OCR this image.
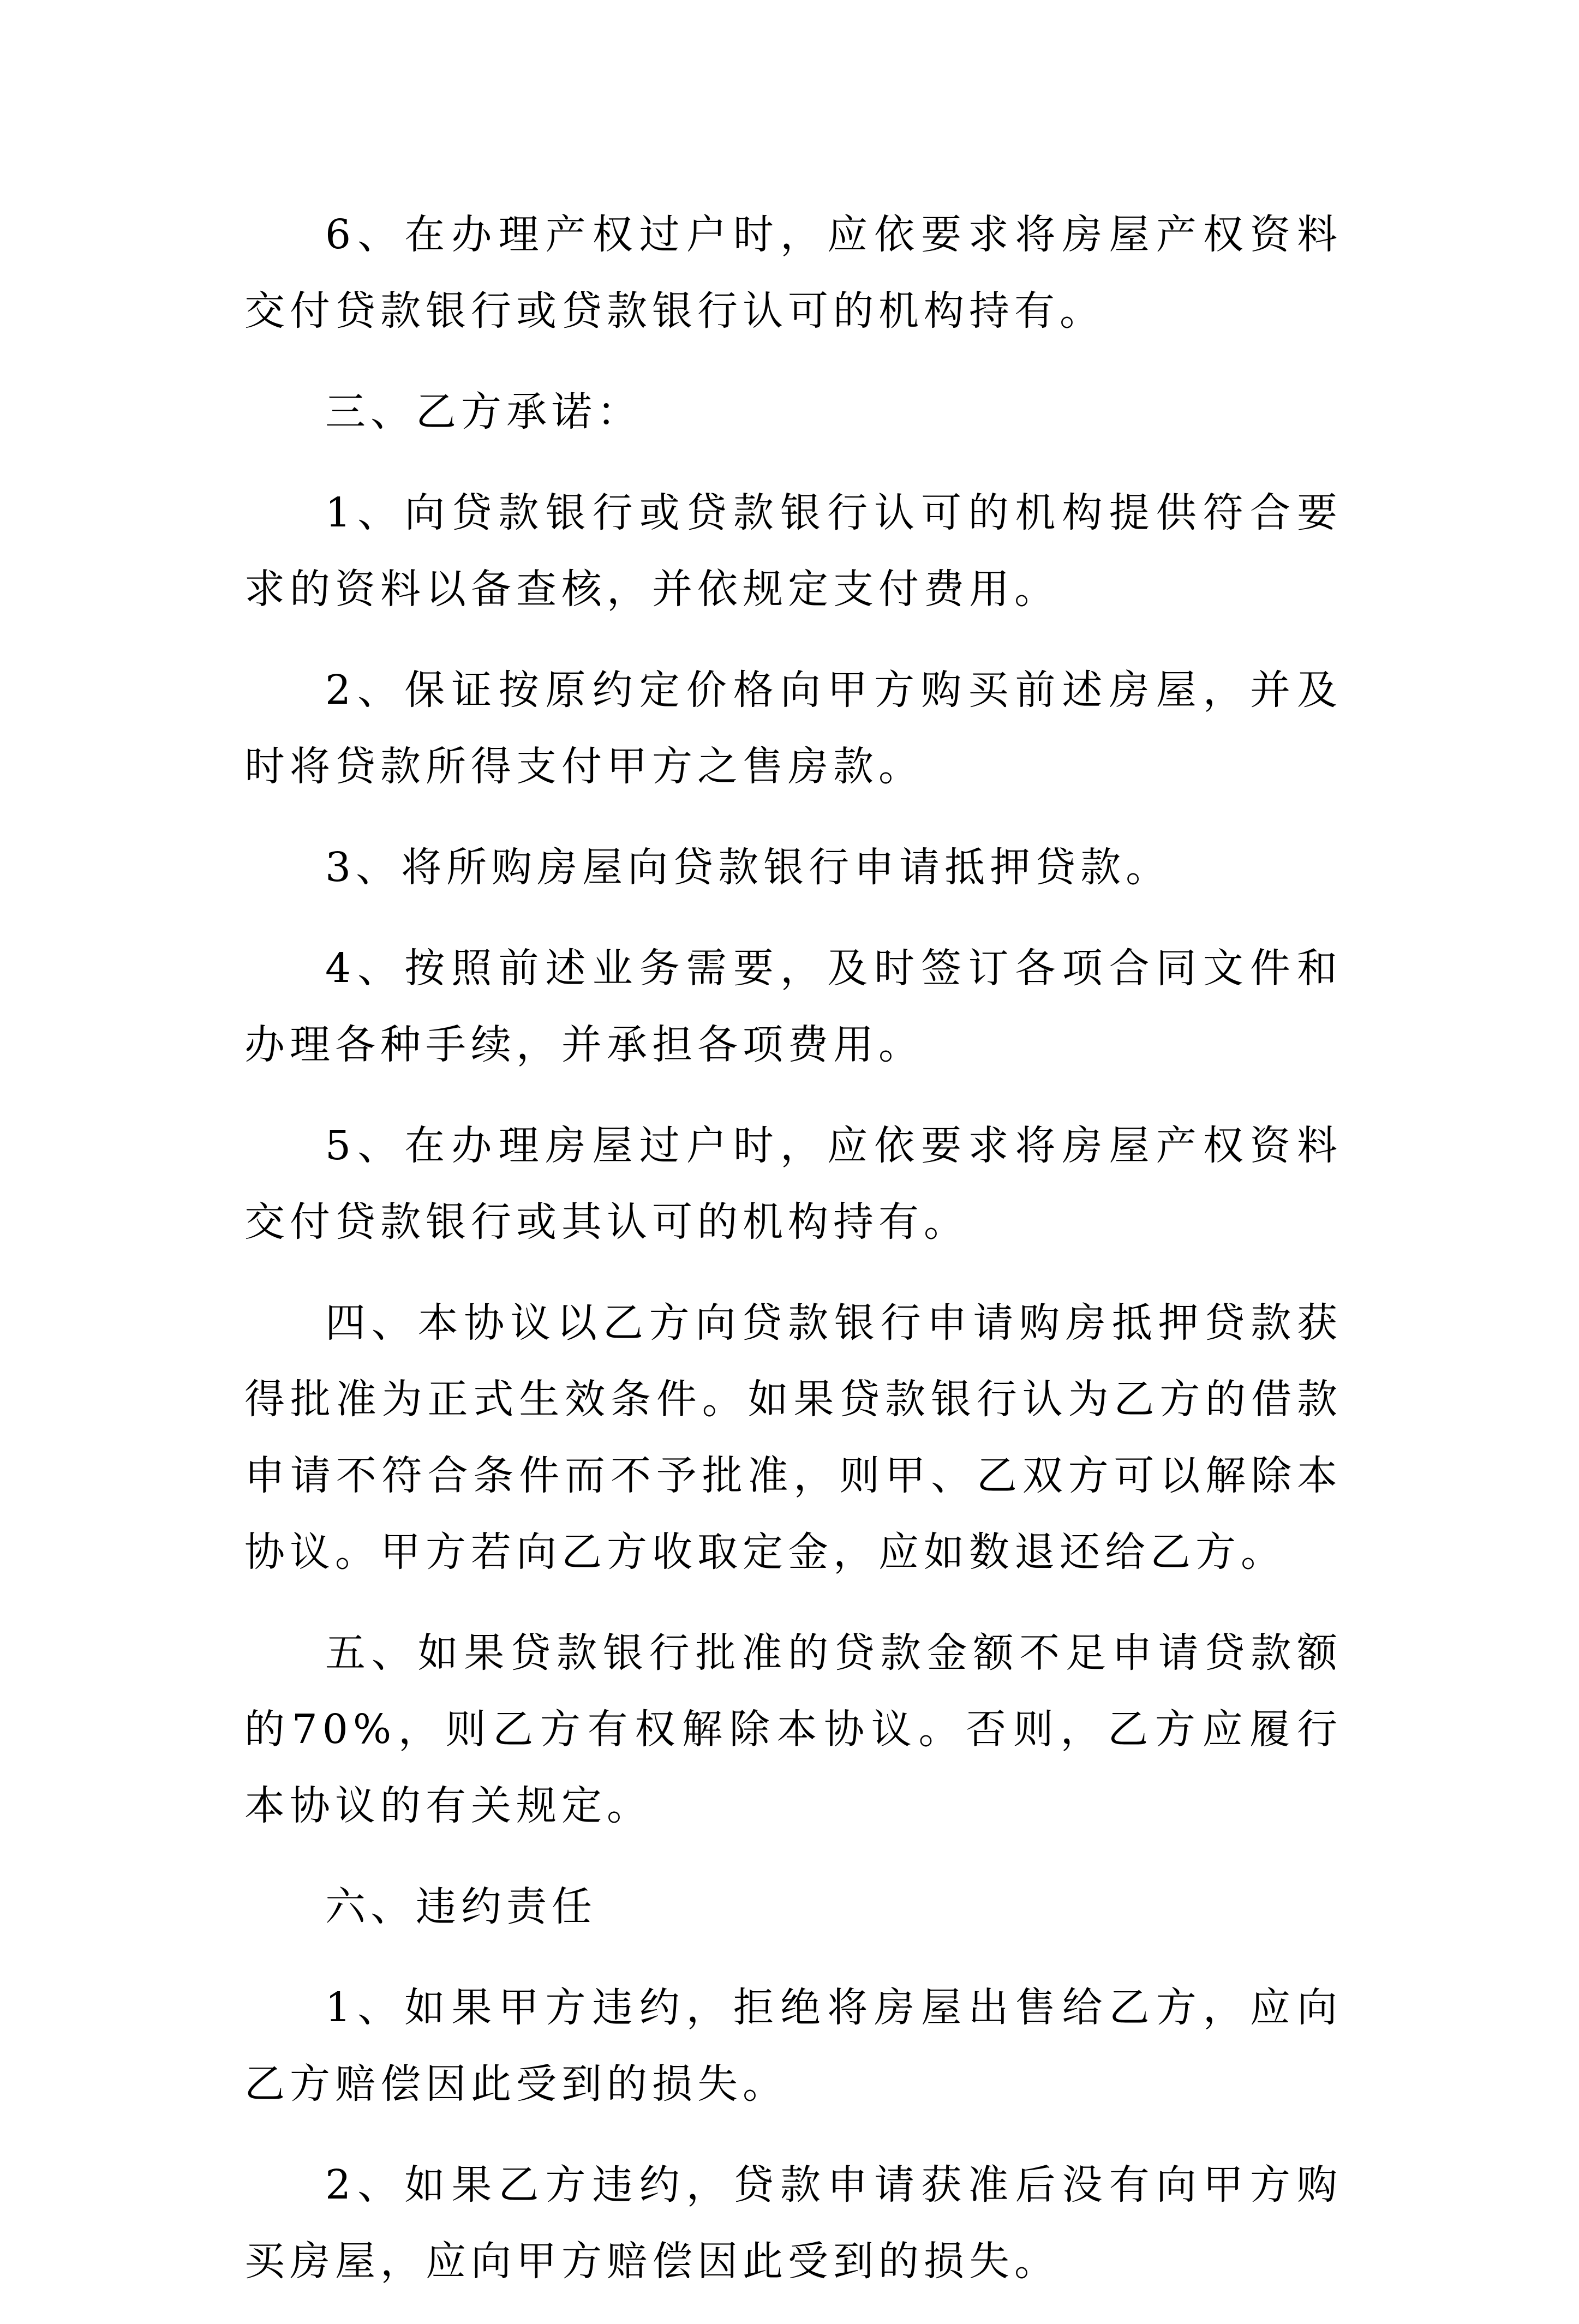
6、在办理产权过户时，应依要求将房屋产权资料交付贷款银行或贷款银行认可的机构持有。

三、乙方承诺：

1、向贷款银行或贷款银行认可的机构提供符合要求的资料以备查核，并依规定支付费用。

2、保证按原约定价格向甲方购买前述房屋，并及时将贷款所得支付甲方之售房款。

3、将所购房屋向贷款银行申请抵押贷款。

4、按照前述业务需要，及时签订各项合同文件和办理各种手续，并承担各项费用。

5、在办理房屋过户时，应依要求将房屋产权资料交付贷款银行或其认可的机构持有。

四、本协议以乙方向贷款银行申请购房抵押贷款获得批准为正式生效条件。如果贷款银行认为乙方的借款申请不符合条件而不予批准，则甲、乙双方可以解除本协议。甲方若向乙方收取定金，应如数退还给乙方。

五、如果贷款银行批准的贷款金额不足申请贷款额的70%，则乙方有权解除本协议。否则，乙方应履行本协议的有关规定。

六、违约责任

1、如果甲方违约，拒绝将房屋出售给乙方，应向乙方赔偿因此受到的损失。

2、如果乙方违约，贷款申请获准后没有向甲方购买房屋，应向甲方赔偿因此受到的损失。
